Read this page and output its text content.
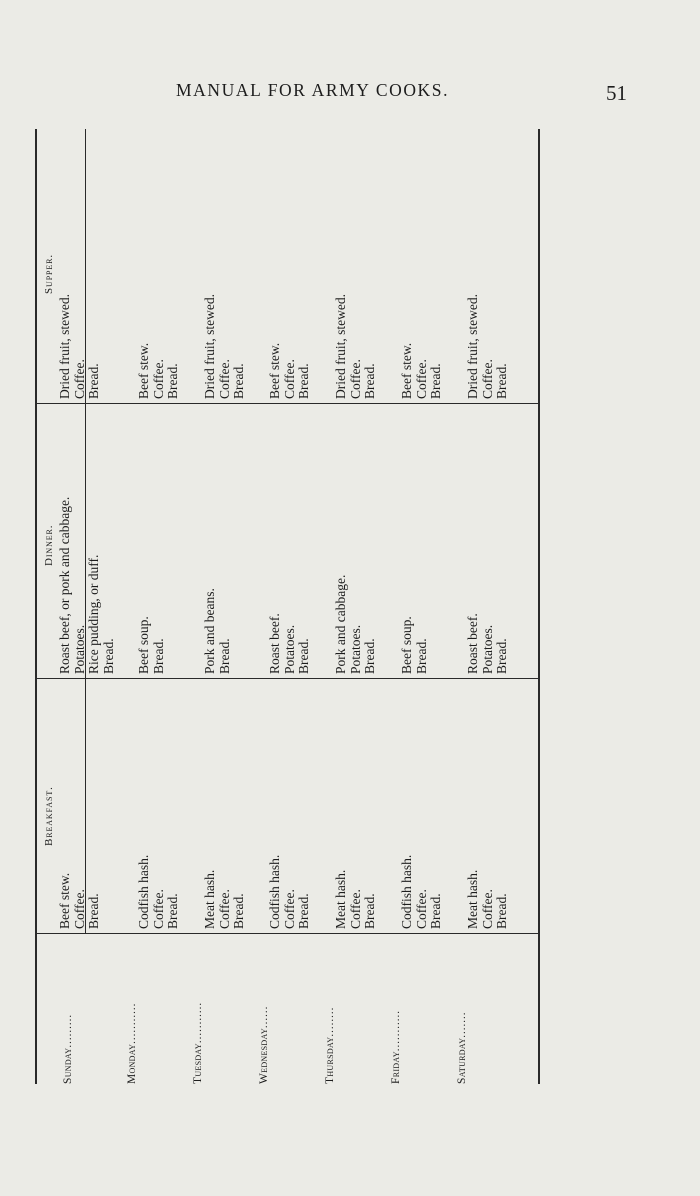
MANUAL FOR ARMY COOKS.	51
Breakfast.
Dinner.
Supper.
Sunday.........
Beef stew. Coffee. Bread.
Roast beef, or pork and cabbage. Potatoes. Rice pudding, or duff. Bread.
Dried fruit, stewed. Coffee. Bread.
Monday...........
Codfish hash. Coffee. Bread.
Beef soup. Bread.
Beef stew. Coffee. Bread.
Tuesday...........
Meat hash. Coffee. Bread.
Pork and beans. Bread.
Dried fruit, stewed. Coffee. Bread.
Wednesday......
Codfish hash. Coffee. Bread.
Roast beef. Potatoes. Bread.
Beef stew. Coffee. Bread.
Thursday........
Meat hash. Coffee. Bread.
Pork and cabbage. Potatoes. Bread.
Dried fruit, stewed. Coffee. Bread.
Friday...........
Codfish hash. Coffee. Bread.
Beef soup. Bread.
Beef stew. Coffee. Bread.
Saturday.......
Meat hash. Coffee. Bread.
Roast beef. Potatoes. Bread.
Dried fruit, stewed. Coffee. Bread.
